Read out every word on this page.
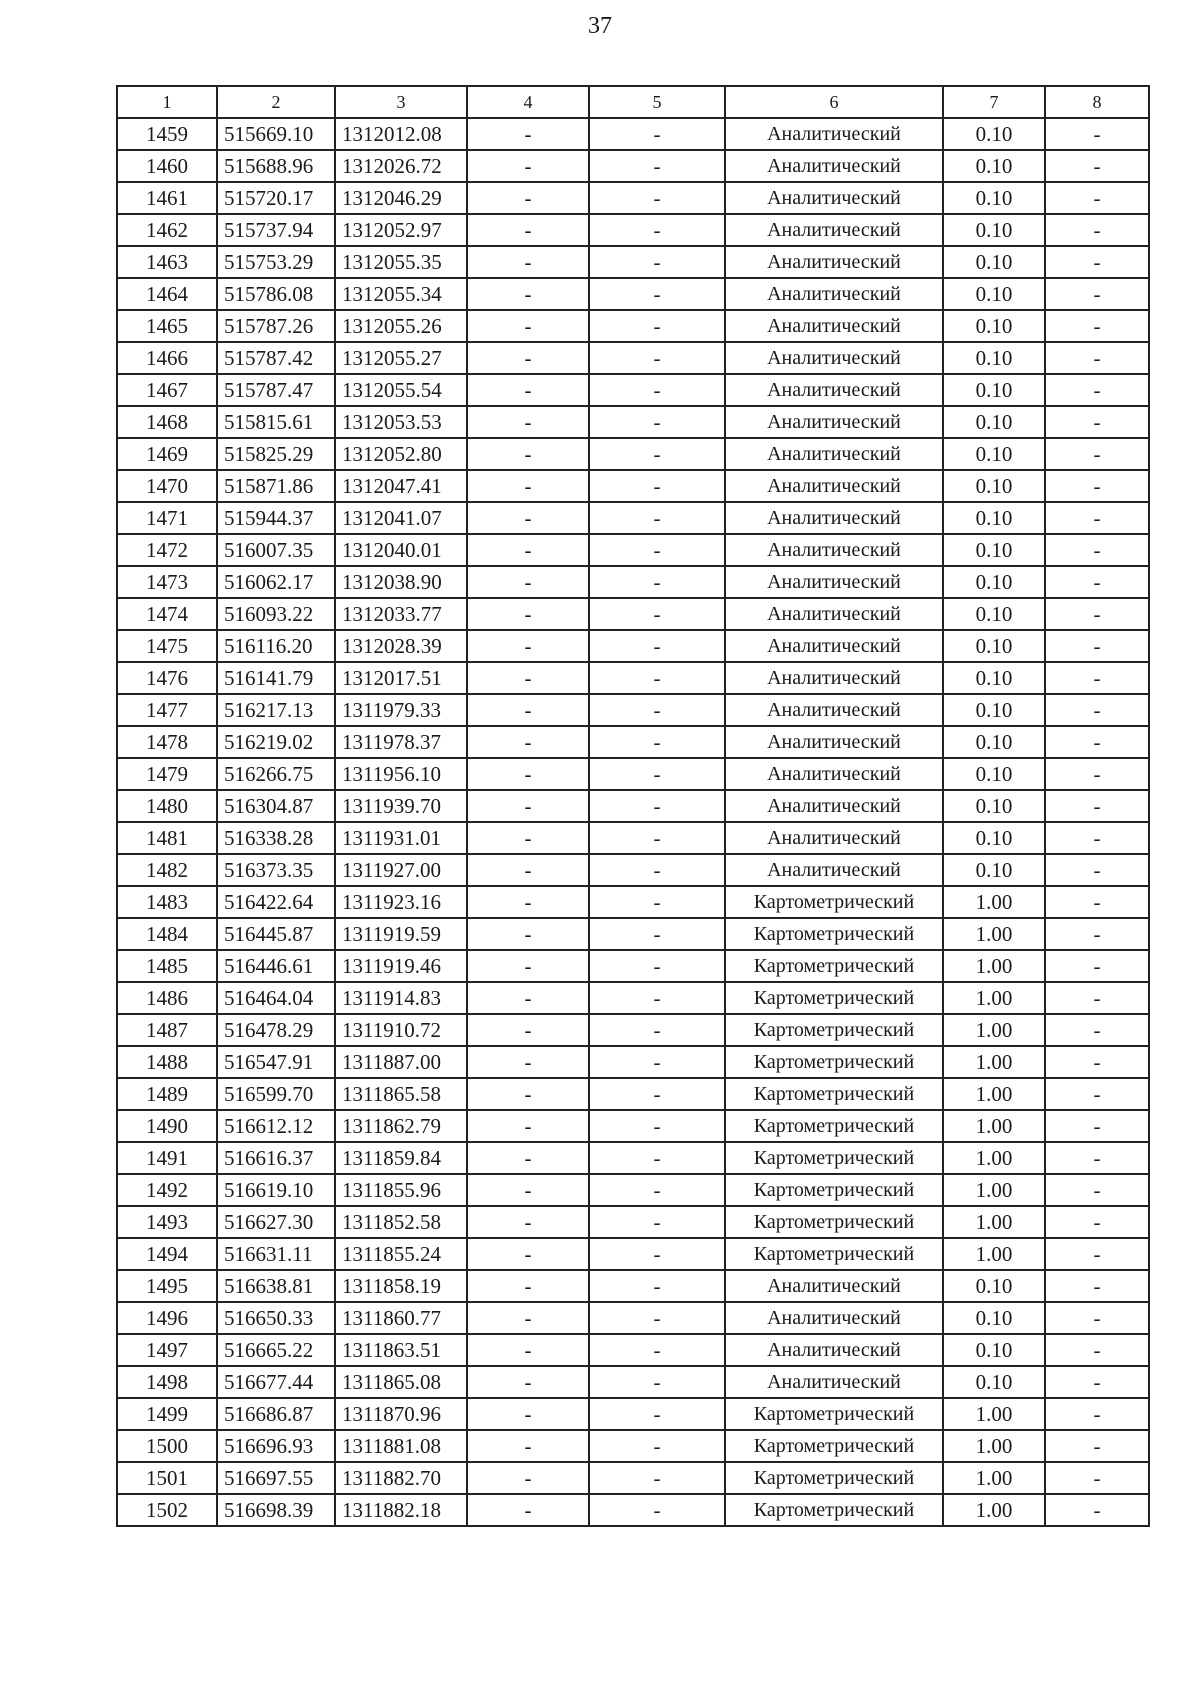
37
1	2	3	4	5	6	7	8
1459	515669.10	1312012.08	-	-	Аналитический	0.10	-
1460	515688.96	1312026.72	-	-	Аналитический	0.10	-
1461	515720.17	1312046.29	-	-	Аналитический	0.10	-
1462	515737.94	1312052.97	-	-	Аналитический	0.10	-
1463	515753.29	1312055.35	-	-	Аналитический	0.10	-
1464	515786.08	1312055.34	-	-	Аналитический	0.10	-
1465	515787.26	1312055.26	-	-	Аналитический	0.10	-
1466	515787.42	1312055.27	-	-	Аналитический	0.10	-
1467	515787.47	1312055.54	-	-	Аналитический	0.10	-
1468	515815.61	1312053.53	-	-	Аналитический	0.10	-
1469	515825.29	1312052.80	-	-	Аналитический	0.10	-
1470	515871.86	1312047.41	-	-	Аналитический	0.10	-
1471	515944.37	1312041.07	-	-	Аналитический	0.10	-
1472	516007.35	1312040.01	-	-	Аналитический	0.10	-
1473	516062.17	1312038.90	-	-	Аналитический	0.10	-
1474	516093.22	1312033.77	-	-	Аналитический	0.10	-
1475	516116.20	1312028.39	-	-	Аналитический	0.10	-
1476	516141.79	1312017.51	-	-	Аналитический	0.10	-
1477	516217.13	1311979.33	-	-	Аналитический	0.10	-
1478	516219.02	1311978.37	-	-	Аналитический	0.10	-
1479	516266.75	1311956.10	-	-	Аналитический	0.10	-
1480	516304.87	1311939.70	-	-	Аналитический	0.10	-
1481	516338.28	1311931.01	-	-	Аналитический	0.10	-
1482	516373.35	1311927.00	-	-	Аналитический	0.10	-
1483	516422.64	1311923.16	-	-	Картометрический	1.00	-
1484	516445.87	1311919.59	-	-	Картометрический	1.00	-
1485	516446.61	1311919.46	-	-	Картометрический	1.00	-
1486	516464.04	1311914.83	-	-	Картометрический	1.00	-
1487	516478.29	1311910.72	-	-	Картометрический	1.00	-
1488	516547.91	1311887.00	-	-	Картометрический	1.00	-
1489	516599.70	1311865.58	-	-	Картометрический	1.00	-
1490	516612.12	1311862.79	-	-	Картометрический	1.00	-
1491	516616.37	1311859.84	-	-	Картометрический	1.00	-
1492	516619.10	1311855.96	-	-	Картометрический	1.00	-
1493	516627.30	1311852.58	-	-	Картометрический	1.00	-
1494	516631.11	1311855.24	-	-	Картометрический	1.00	-
1495	516638.81	1311858.19	-	-	Аналитический	0.10	-
1496	516650.33	1311860.77	-	-	Аналитический	0.10	-
1497	516665.22	1311863.51	-	-	Аналитический	0.10	-
1498	516677.44	1311865.08	-	-	Аналитический	0.10	-
1499	516686.87	1311870.96	-	-	Картометрический	1.00	-
1500	516696.93	1311881.08	-	-	Картометрический	1.00	-
1501	516697.55	1311882.70	-	-	Картометрический	1.00	-
1502	516698.39	1311882.18	-	-	Картометрический	1.00	-
